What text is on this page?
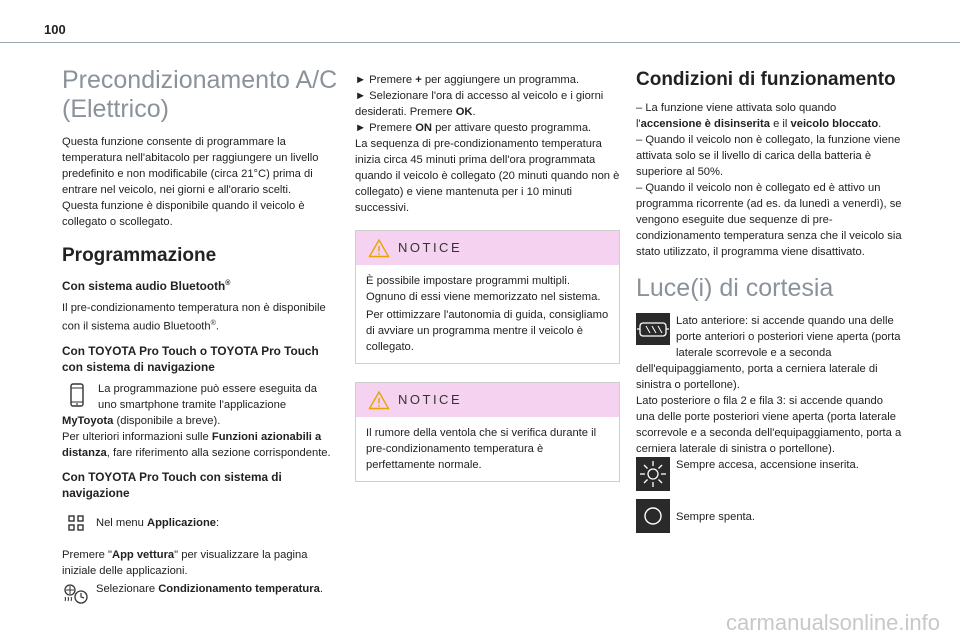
100
Precondizionamento A/C (Elettrico)

Questa funzione consente di programmare la temperatura nell'abitacolo per raggiungere un livello predefinito e non modificabile (circa 21°C) prima di entrare nel veicolo, nei giorni e all'orario scelti.

Questa funzione è disponibile quando il veicolo è collegato o scollegato.

Programmazione
Con sistema audio Bluetooth®

Il pre-condizionamento temperatura non è disponibile con il sistema audio Bluetooth®.

Con TOYOTA Pro Touch o TOYOTA Pro Touch con sistema di navigazione
La programmazione può essere eseguita da uno smartphone tramite l'applicazione MyToyota (disponibile a breve).
Per ulteriori informazioni sulle Funzioni azionabili a distanza, fare riferimento alla sezione corrispondente.
Con TOYOTA Pro Touch con sistema di navigazione
Nel menu Applicazione:

Premere "App vettura" per visualizzare la pagina iniziale delle applicazioni.

Selezionare Condizionamento temperatura.

► Premere + per aggiungere un programma.

► Selezionare l'ora di accesso al veicolo e i giorni desiderati. Premere OK.

► Premere ON per attivare questo programma.

La sequenza di pre-condizionamento temperatura inizia circa 45 minuti prima dell'ora programmata quando il veicolo è collegato (20 minuti quando non è collegato) e viene mantenuta per i 10 minuti successivi.

NOTICE

È possibile impostare programmi multipli. Ognuno di essi viene memorizzato nel sistema.

Per ottimizzare l'autonomia di guida, consigliamo di avviare un programma mentre il veicolo è collegato.

NOTICE

Il rumore della ventola che si verifica durante il pre-condizionamento temperatura è perfettamente normale.

Condizioni di funzionamento

– La funzione viene attivata solo quando l'accensione è disinserita e il veicolo bloccato.

– Quando il veicolo non è collegato, la funzione viene attivata solo se il livello di carica della batteria è superiore al 50%.

– Quando il veicolo non è collegato ed è attivo un programma ricorrente (ad es. da lunedì a venerdì), se vengono eseguite due sequenze di pre-condizionamento temperatura senza che il veicolo sia stato utilizzato, il programma viene disattivato.

Luce(i) di cortesia
Lato anteriore: si accende quando una delle porte anteriori o posteriori viene aperta (porta laterale scorrevole e a seconda dell'equipaggiamento, porta a cerniera laterale di sinistra o portellone).

Lato posteriore o fila 2 e fila 3: si accende quando una delle porte posteriori viene aperta (porta laterale scorrevole e a seconda dell'equipaggiamento, porta a cerniera laterale di sinistra o portellone).

Sempre accesa, accensione inserita.
Sempre spenta.
carmanualsonline.info
